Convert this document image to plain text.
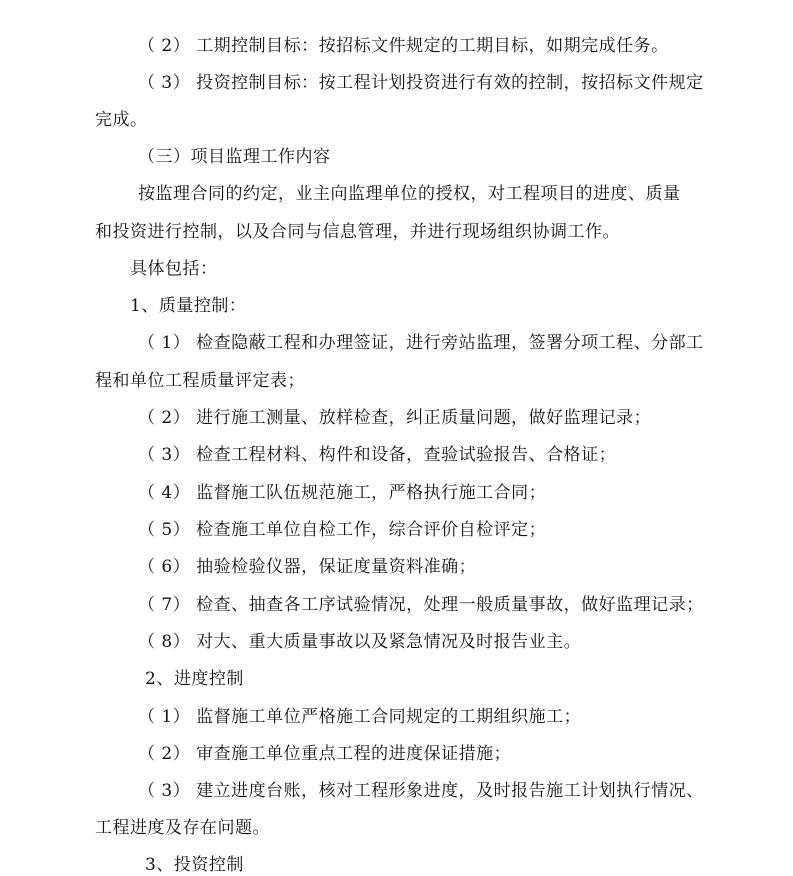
（ 2） 工期控制目标：按招标文件规定的工期目标，如期完成任务。
（ 3） 投资控制目标：按工程计划投资进行有效的控制，按招标文件规定
完成。
（三）项目监理工作内容
按监理合同的约定，业主向监理单位的授权，对工程项目的进度、质量
和投资进行控制，以及合同与信息管理，并进行现场组织协调工作。
具体包括：
1、质量控制：
（ 1） 检查隐蔽工程和办理签证，进行旁站监理，签署分项工程、分部工
程和单位工程质量评定表；
（ 2） 进行施工测量、放样检查，纠正质量问题，做好监理记录；
（ 3） 检查工程材料、构件和设备，查验试验报告、合格证；
（ 4） 监督施工队伍规范施工，严格执行施工合同；
（ 5） 检查施工单位自检工作，综合评价自检评定；
（ 6） 抽验检验仪器，保证度量资料准确；
（ 7） 检查、抽查各工序试验情况，处理一般质量事故，做好监理记录；
（ 8） 对大、重大质量事故以及紧急情况及时报告业主。
2、进度控制
（ 1） 监督施工单位严格施工合同规定的工期组织施工；
（ 2） 审查施工单位重点工程的进度保证措施；
（ 3） 建立进度台账，核对工程形象进度，及时报告施工计划执行情况、
工程进度及存在问题。
3、投资控制
